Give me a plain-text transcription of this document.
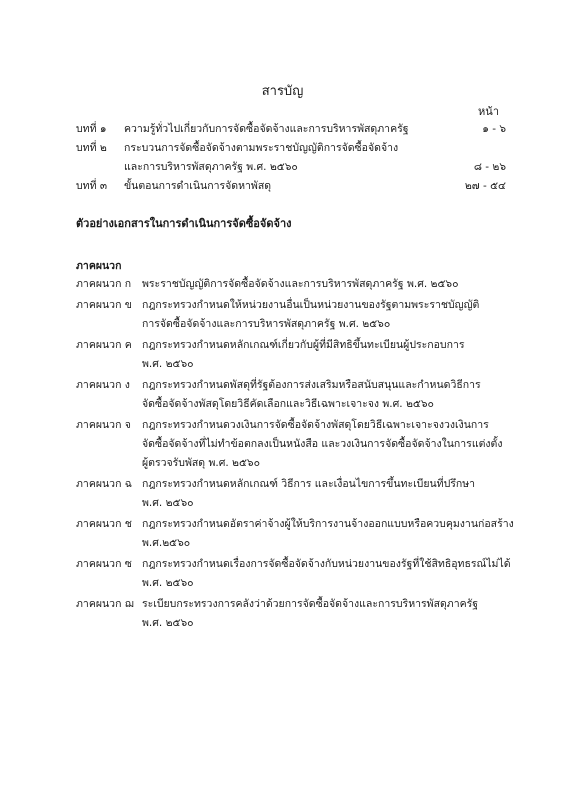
สารบัญ
หน้า
บทที่ ๑	ความรู้ทั่วไปเกี่ยวกับการจัดซื้อจัดจ้างและการบริหารพัสดุภาครัฐ	๑ - ๖
บทที่ ๒	กระบวนการจัดซื้อจัดจ้างตามพระราชบัญญัติการจัดซื้อจัดจ้าง
และการบริหารพัสดุภาครัฐ พ.ศ. ๒๕๖๐	๘ - ๒๖
บทที่ ๓	ขั้นตอนการดำเนินการจัดหาพัสดุ	๒๗ - ๕๔
ตัวอย่างเอกสารในการดำเนินการจัดซื้อจัดจ้าง
ภาคผนวก
ภาคผนวก ก	พระราชบัญญัติการจัดซื้อจัดจ้างและการบริหารพัสดุภาครัฐ พ.ศ. ๒๕๖๐
ภาคผนวก ข กฎกระทรวงกำหนดให้หน่วยงานอื่นเป็นหน่วยงานของรัฐตามพระราชบัญญัติ
การจัดซื้อจัดจ้างและการบริหารพัสดุภาครัฐ พ.ศ. ๒๕๖๐
ภาคผนวก ค กฎกระทรวงกำหนดหลักเกณฑ์เกี่ยวกับผู้ที่มีสิทธิขึ้นทะเบียนผู้ประกอบการ
พ.ศ. ๒๕๖๐
ภาคผนวก ง	กฎกระทรวงกำหนดพัสดุที่รัฐต้องการส่งเสริมหรือสนับสนุนและกำหนดวิธีการ
จัดซื้อจัดจ้างพัสดุโดยวิธีคัดเลือกและวิธีเฉพาะเจาะจง พ.ศ. ๒๕๖๐
ภาคผนวก จ	กฎกระทรวงกำหนดวงเงินการจัดซื้อจัดจ้างพัสดุโดยวิธีเฉพาะเจาะจงวงเงินการ
จัดซื้อจัดจ้างที่ไม่ทำข้อตกลงเป็นหนังสือ และวงเงินการจัดซื้อจัดจ้างในการแต่งตั้ง
ผู้ตรวจรับพัสดุ พ.ศ. ๒๕๖๐
ภาคผนวก ฉ กฎกระทรวงกำหนดหลักเกณฑ์ วิธีการ และเงื่อนไขการขึ้นทะเบียนที่ปรึกษา
พ.ศ. ๒๕๖๐
ภาคผนวก ช กฎกระทรวงกำหนดอัตราค่าจ้างผู้ให้บริการงานจ้างออกแบบหรือควบคุมงานก่อสร้าง
พ.ศ.๒๕๖๐
ภาคผนวก ซ กฎกระทรวงกำหนดเรื่องการจัดซื้อจัดจ้างกับหน่วยงานของรัฐที่ใช้สิทธิอุทธรณ์ไม่ได้
พ.ศ. ๒๕๖๐
ภาคผนวก ฌ ระเบียบกระทรวงการคลังว่าด้วยการจัดซื้อจัดจ้างและการบริหารพัสดุภาครัฐ
พ.ศ. ๒๕๖๐
